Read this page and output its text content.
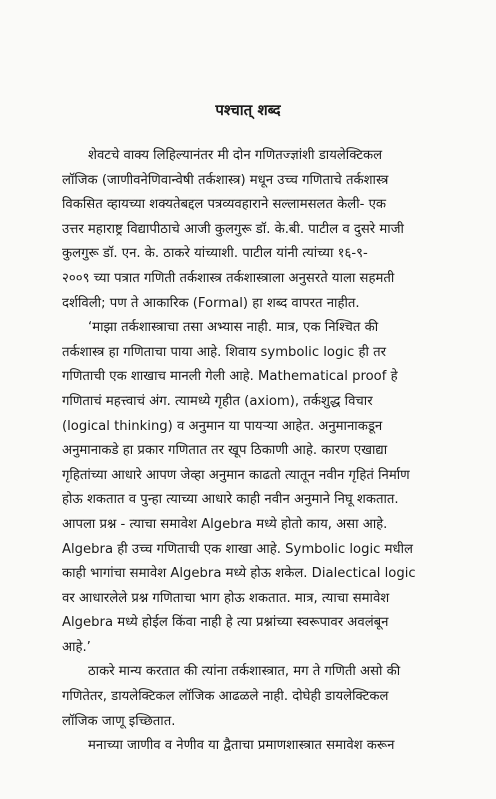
पश्चात् शब्द
शेवटचे वाक्य लिहिल्यानंतर मी दोन गणितज्ज्ञांशी डायलेक्टिकल
लॉजिक (जाणीवनेणिवान्वेषी तर्कशास्त्र) मधून उच्च गणिताचे तर्कशास्त्र
विकसित व्हायच्या शक्यतेबद्दल पत्रव्यवहाराने सल्लामसलत केली- एक
उत्तर महाराष्ट्र विद्यापीठाचे आजी कुलगुरू डॉ. के.बी. पाटील व दुसरे माजी
कुलगुरू डॉ. एन. के. ठाकरे यांच्याशी. पाटील यांनी त्यांच्या १६-९-
२००९ च्या पत्रात गणिती तर्कशास्त्र तर्कशास्त्राला अनुसरते याला सहमती
दर्शविली; पण ते आकारिक (Formal) हा शब्द वापरत नाहीत.
‘माझा तर्कशास्त्राचा तसा अभ्यास नाही. मात्र, एक निश्चित की
तर्कशास्त्र हा गणिताचा पाया आहे. शिवाय symbolic logic ही तर
गणिताची एक शाखाच मानली गेली आहे. Mathematical proof हे
गणिताचं महत्त्वाचं अंग. त्यामध्ये गृहीत (axiom), तर्कशुद्ध विचार
(logical thinking) व अनुमान या पायऱ्या आहेत. अनुमानाकडून
अनुमानाकडे हा प्रकार गणितात तर खूप ठिकाणी आहे. कारण एखाद्या
गृहितांच्या आधारे आपण जेव्हा अनुमान काढतो त्यातून नवीन गृहितं निर्माण
होऊ शकतात व पुन्हा त्याच्या आधारे काही नवीन अनुमाने निघू शकतात.
आपला प्रश्न - त्याचा समावेश Algebra मध्ये होतो काय, असा आहे.
Algebra ही उच्च गणिताची एक शाखा आहे. Symbolic logic मधील
काही भागांचा समावेश Algebra मध्ये होऊ शकेल. Dialectical logic
वर आधारलेले प्रश्न गणिताचा भाग होऊ शकतात. मात्र, त्याचा समावेश
Algebra मध्ये होईल किंवा नाही हे त्या प्रश्नांच्या स्वरूपावर अवलंबून
आहे.’
ठाकरे मान्य करतात की त्यांना तर्कशास्त्रात, मग ते गणिती असो की
गणितेतर, डायलेक्टिकल लॉजिक आढळले नाही. दोघेही डायलेक्टिकल
लॉजिक जाणू इच्छितात.
मनाच्या जाणीव व नेणीव या द्वैताचा प्रमाणशास्त्रात समावेश करून
